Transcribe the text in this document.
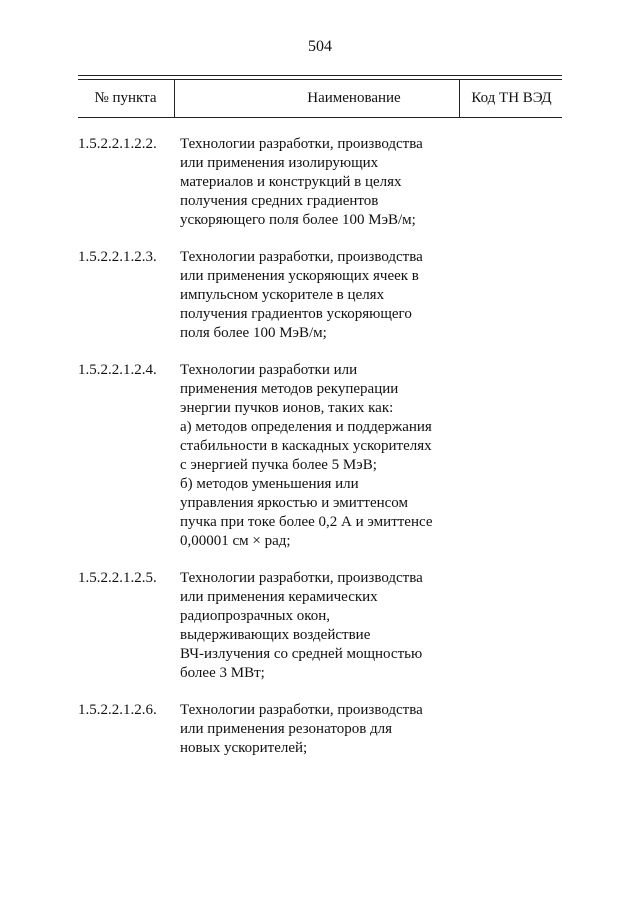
504
№ пункта	Наименование	Код ТН ВЭД
1.5.2.2.1.2.2.	Технологии разработки, производства
или применения изолирующих
материалов и конструкций в целях
получения средних градиентов
ускоряющего поля более 100 МэВ/м;
1.5.2.2.1.2.3.	Технологии разработки, производства
или применения ускоряющих ячеек в
импульсном ускорителе в целях
получения градиентов ускоряющего
поля более 100 МэВ/м;
1.5.2.2.1.2.4.	Технологии разработки или
применения методов рекуперации
энергии пучков ионов, таких как:
а) методов определения и поддержания
стабильности в каскадных ускорителях
с энергией пучка более 5 МэВ;
б) методов уменьшения или
управления яркостью и эмиттенсом
пучка при токе более 0,2 А и эмиттенсе
0,00001 см × рад;
1.5.2.2.1.2.5.	Технологии разработки, производства
или применения керамических
радиопрозрачных окон,
выдерживающих воздействие
ВЧ-излучения со средней мощностью
более 3 МВт;
1.5.2.2.1.2.6.	Технологии разработки, производства
или применения резонаторов для
новых ускорителей;
